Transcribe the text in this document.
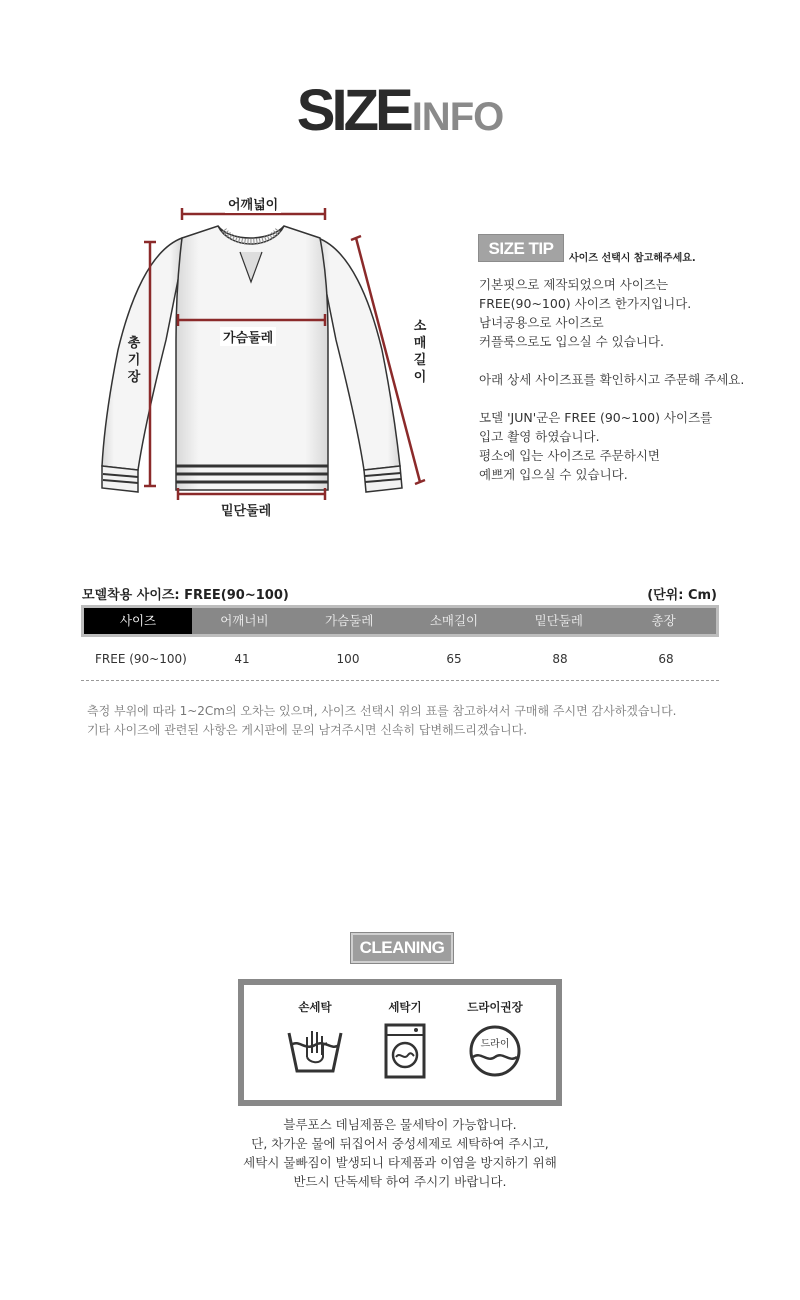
SIZEINFO
어깨넓이
가슴둘레
밑단둘레
총기장
소매길이
SIZE TIP
사이즈 선택시 참고해주세요.

기본핏으로 제작되었으며 사이즈는

FREE(90~100) 사이즈 한가지입니다.

남녀공용으로 사이즈로

커플룩으로도 입으실 수 있습니다.

아래 상세 사이즈표를 확인하시고 주문해 주세요.

모델 'JUN'군은 FREE (90~100) 사이즈를

입고 촬영 하였습니다.

평소에 입는 사이즈로 주문하시면

예쁘게 입으실 수 있습니다.

모델착용 사이즈: FREE(90~100)	(단위: Cm)
사이즈	어깨너비	가슴둘레	소매길이	밑단둘레	총장
FREE (90~100)	41	100	65	88	68

측정 부위에 따라 1~2Cm의 오차는 있으며, 사이즈 선택시 위의 표를 참고하셔서 구매해 주시면 감사하겠습니다.

기타 사이즈에 관련된 사항은 게시판에 문의 남겨주시면 신속히 답변해드리겠습니다.

CLEANING
손세탁	세탁기	드라이권장
드라이

블루포스 데님제품은 물세탁이 가능합니다.

단, 차가운 물에 뒤집어서 중성세제로 세탁하여 주시고,

세탁시 물빠짐이 발생되니 타제품과 이염을 방지하기 위해

반드시 단독세탁 하여 주시기 바랍니다.
